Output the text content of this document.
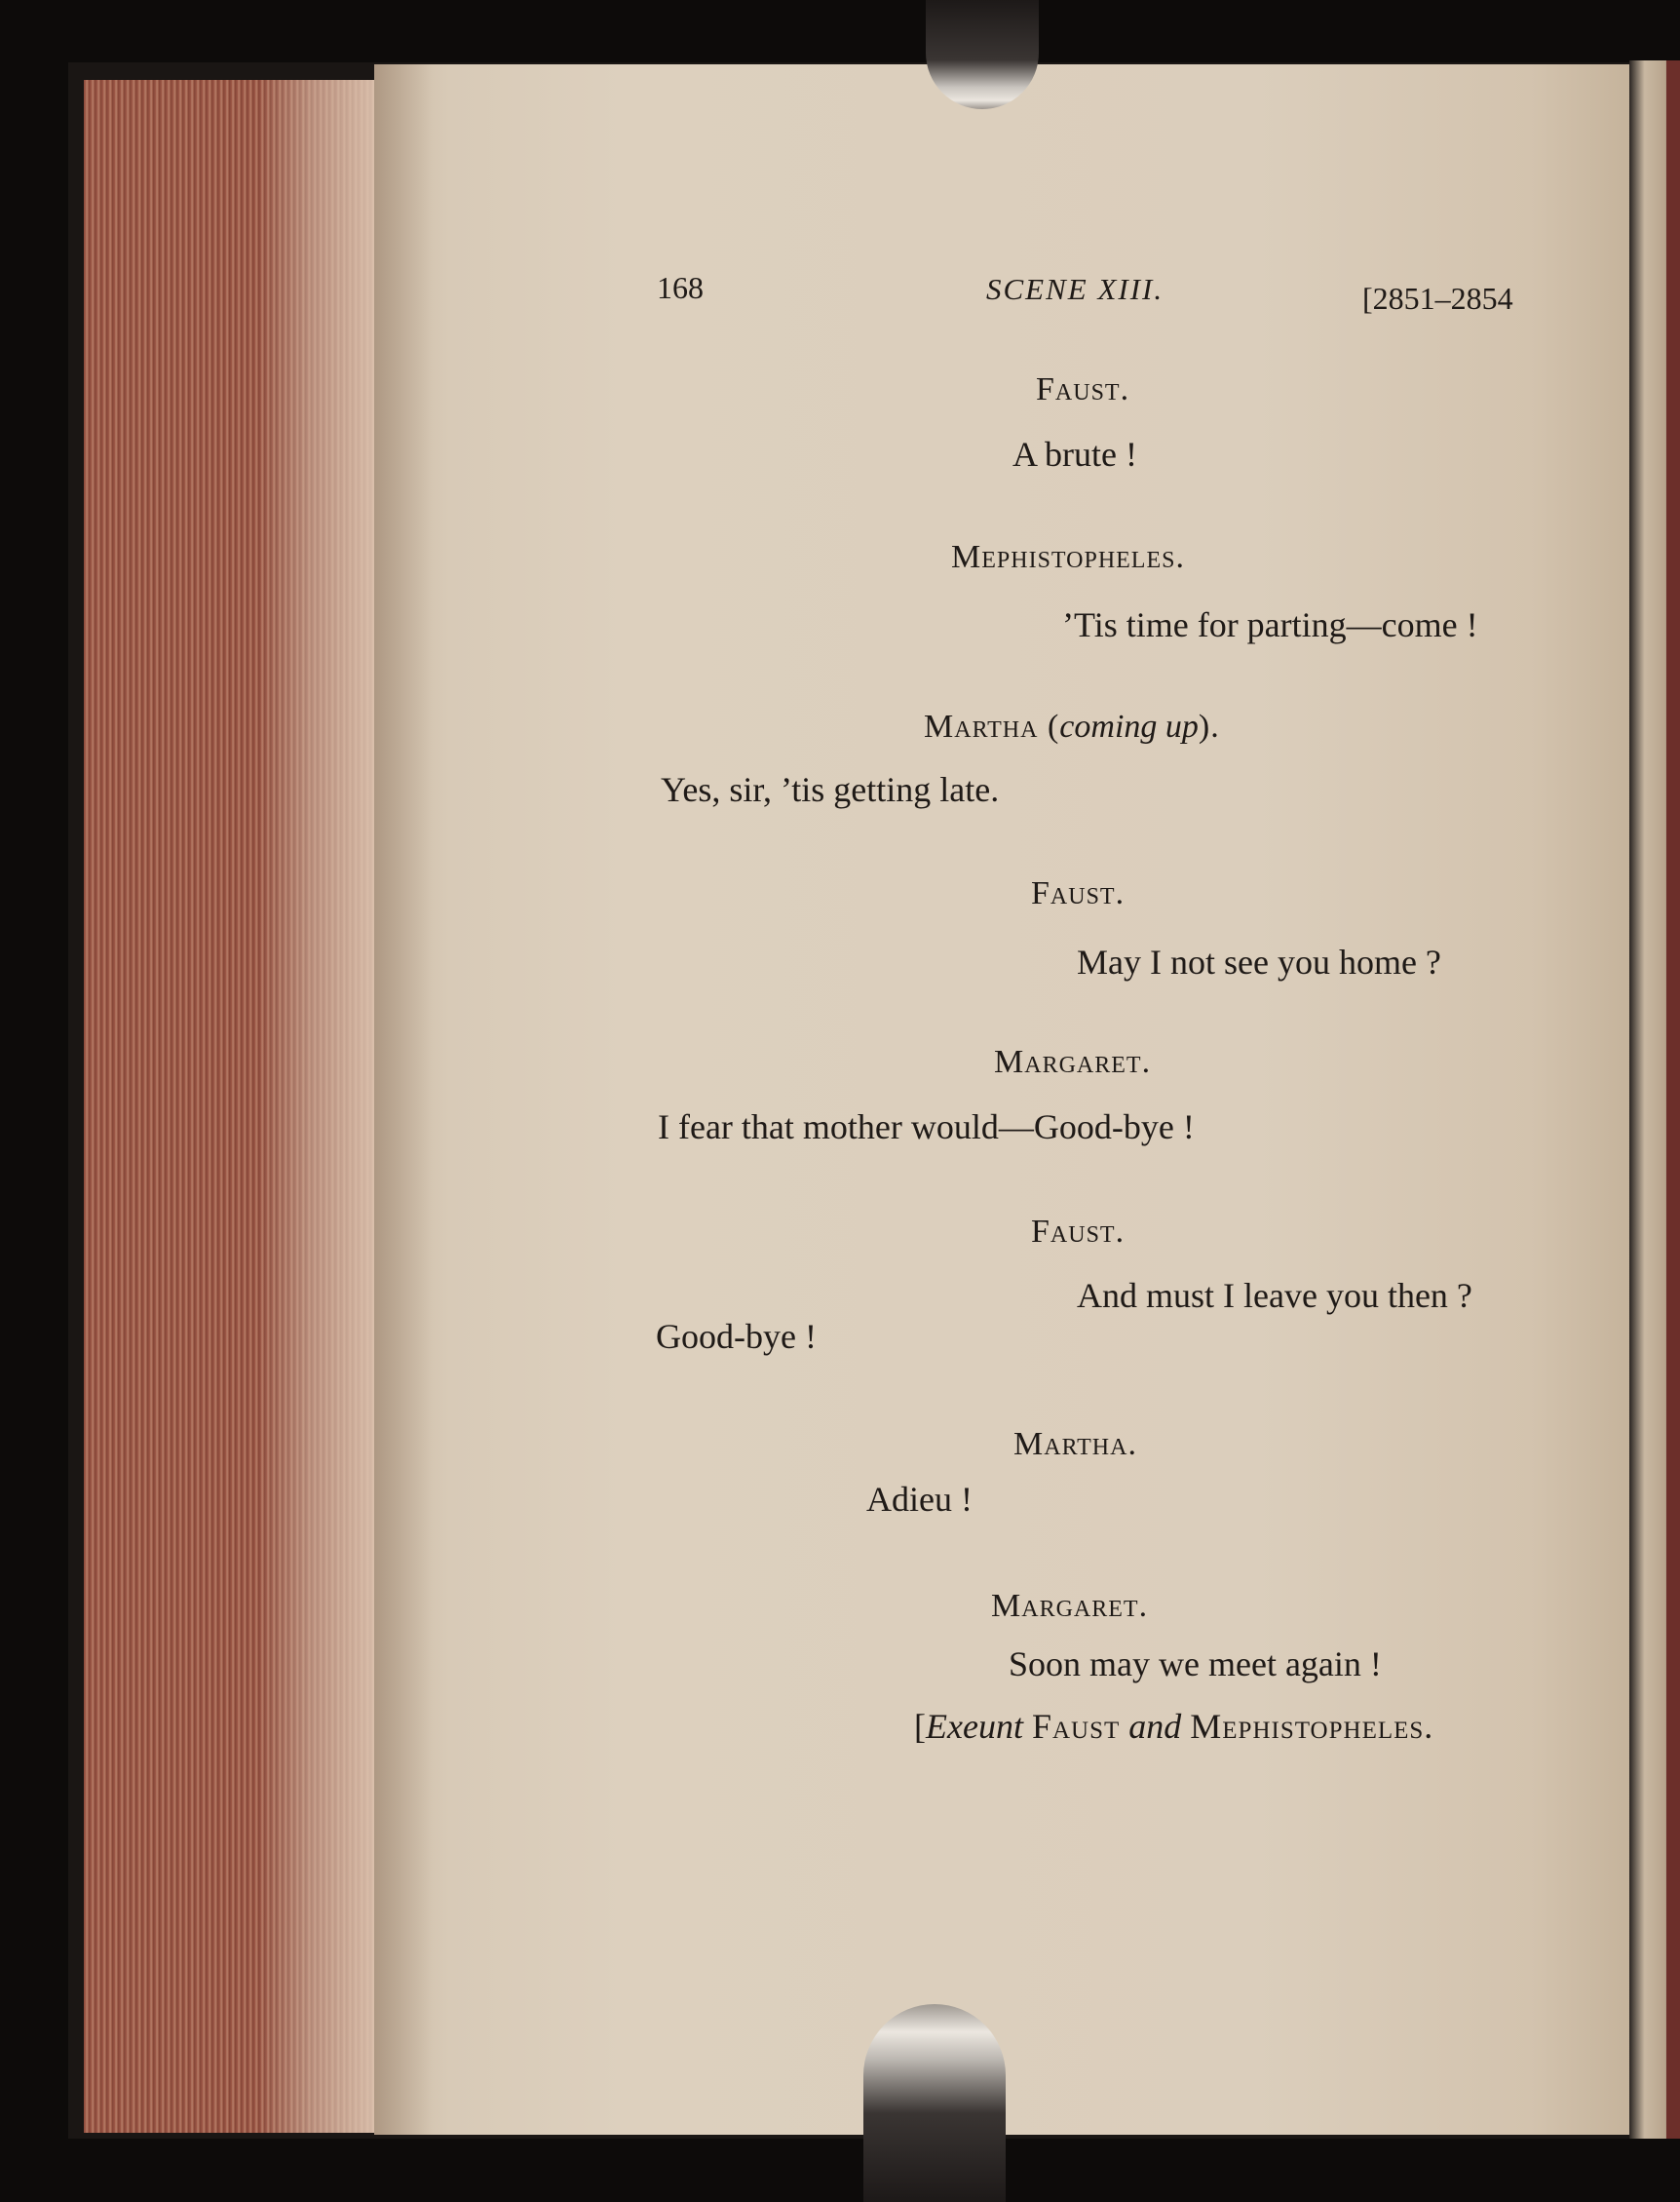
168	SCENE XIII.	[2851–2854
Faust.
A brute !
Mephistopheles.
’Tis time for parting—come !
Martha (coming up).
Yes, sir, ’tis getting late.
Faust.
May I not see you home ?
Margaret.
I fear that mother would—Good-bye !
Faust.
And must I leave you then ?
Good-bye !
Martha.
Adieu !
Margaret.
Soon may we meet again !
[Exeunt Faust and Mephistopheles.
